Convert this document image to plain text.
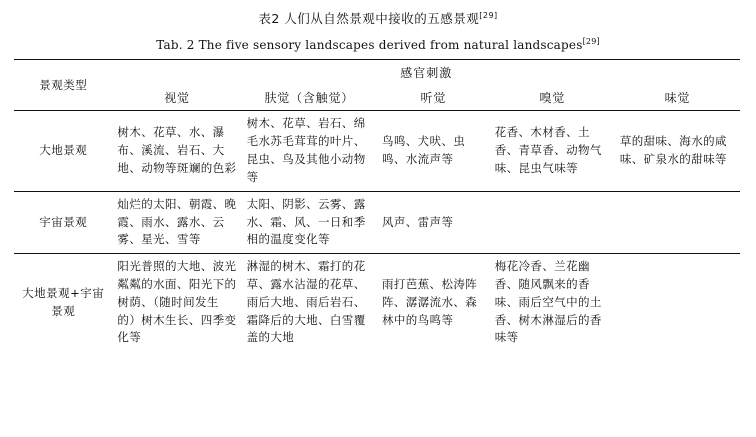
表2 人们从自然景观中接收的五感景观[29]
Tab. 2 The five sensory landscapes derived from natural landscapes[29]
景观类型	感官刺激				
	视觉	肤觉（含触觉）	听觉	嗅觉	味觉
大地景观	树木、花草、水、瀑布、溪流、岩石、大地、动物等斑斓的色彩	树木、花草、岩石、绵毛水苏毛茸茸的叶片、昆虫、鸟及其他小动物等	鸟鸣、犬吠、虫鸣、水流声等	花香、木材香、土香、青草香、动物气味、昆虫气味等	草的甜味、海水的咸味、矿泉水的甜味等
宇宙景观	灿烂的太阳、朝霞、晚霞、雨水、露水、云雾、星光、雪等	太阳、阴影、云雾、露水、霜、风、一日和季相的温度变化等	风声、雷声等		
大地景观+宇宙景观	阳光普照的大地、波光粼粼的水面、阳光下的树荫、（随时间发生的）树木生长、四季变化等	淋湿的树木、霜打的花草、露水沾湿的花草、雨后大地、雨后岩石、霜降后的大地、白雪覆盖的大地	雨打芭蕉、松涛阵阵、潺潺流水、森林中的鸟鸣等	梅花冷香、兰花幽香、随风飘来的香味、雨后空气中的土香、树木淋湿后的香味等	
